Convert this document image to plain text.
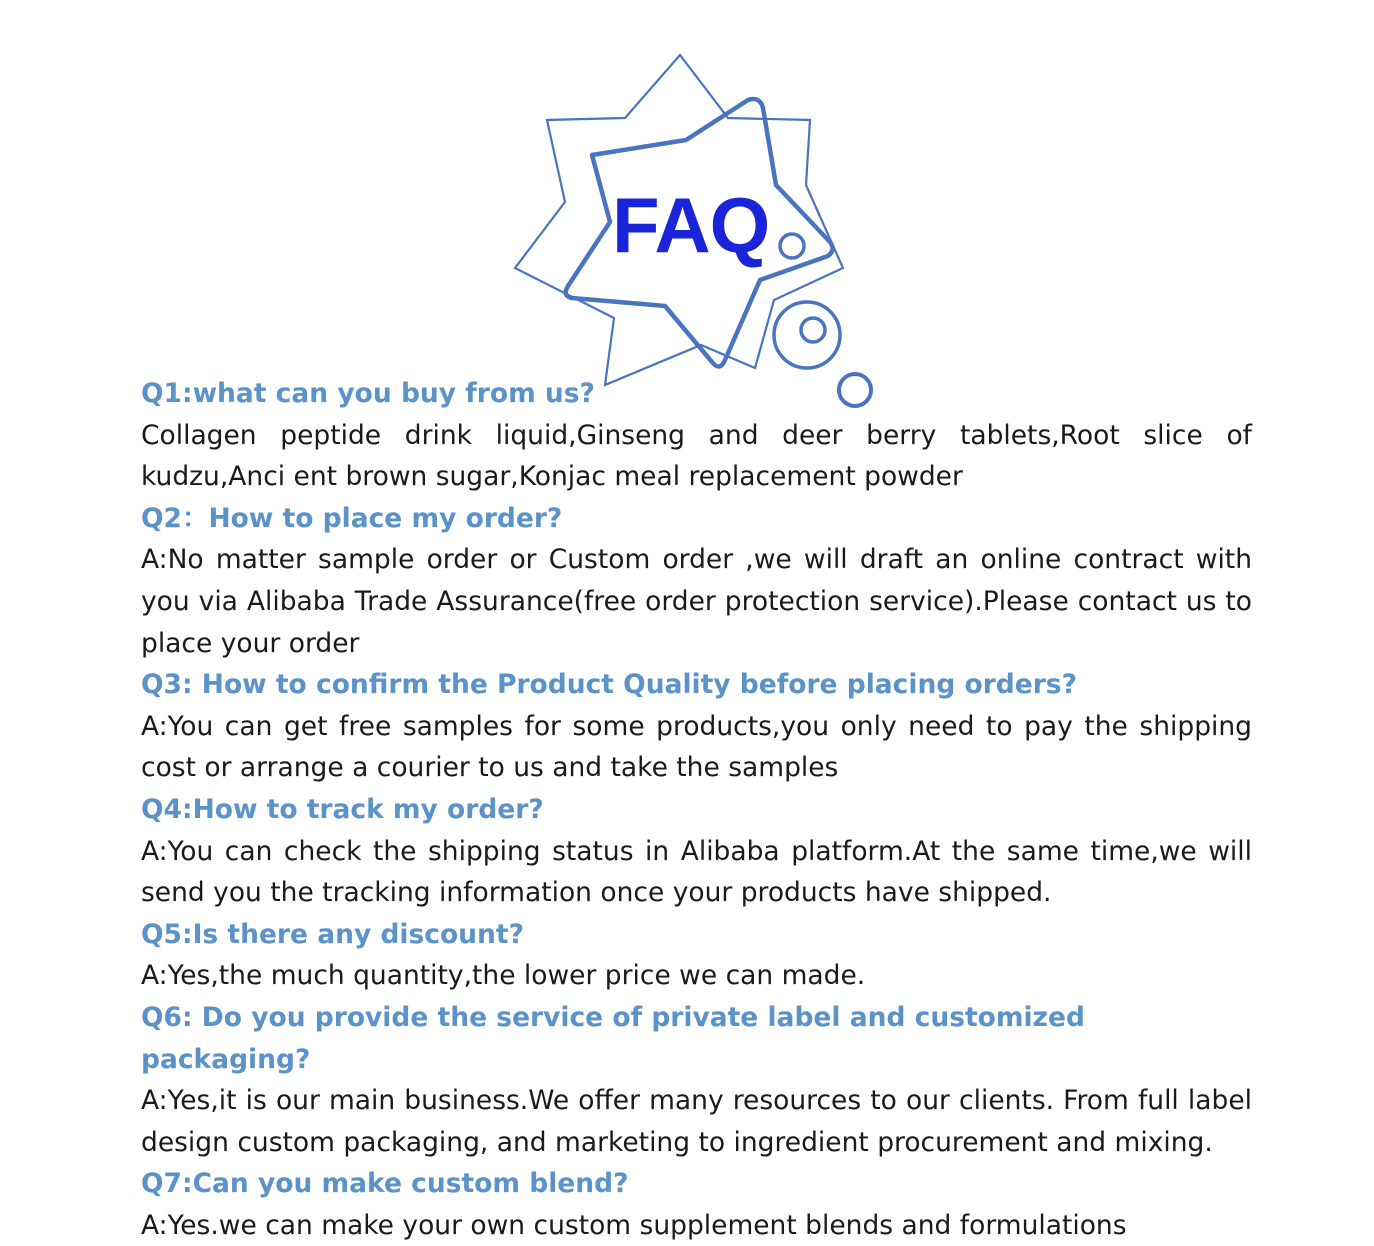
FAQ

Q1:what can you buy from us?

Collagen peptide drink liquid,Ginseng and deer berry tablets,Root slice of kudzu,Anci ent brown sugar,Konjac meal replacement powder

Q2：How to place my order?

A:No matter sample order or Custom order ,we will draft an online contract with you via Alibaba Trade Assurance(free order protection service).Please contact us to place your order

Q3: How to confirm the Product Quality before placing orders?

A:You can get free samples for some products,you only need to pay the shipping cost or arrange a courier to us and take the samples

Q4:How to track my order?

A:You can check the shipping status in Alibaba platform.At the same time,we will send you the tracking information once your products have shipped.

Q5:Is there any discount?

A:Yes,the much quantity,the lower price we can made.

Q6: Do you provide the service of private label and customized packaging?

A:Yes,it is our main business.We offer many resources to our clients. From full label design custom packaging, and marketing to ingredient procurement and mixing.

Q7:Can you make custom blend?

A:Yes.we can make your own custom supplement blends and formulations
